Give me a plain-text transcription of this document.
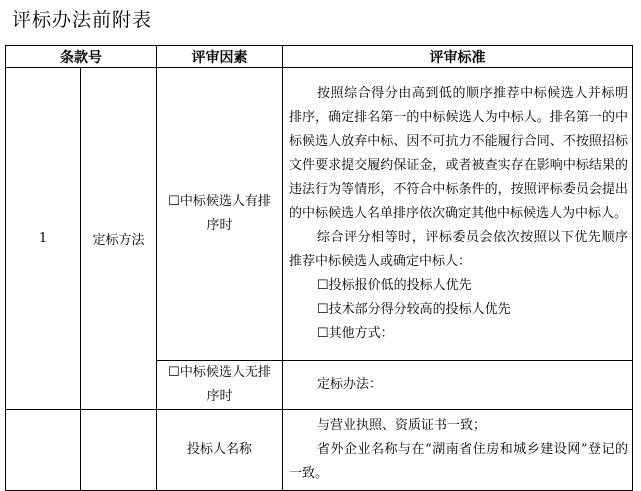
评标办法前附表
条款号		评审因素	评审标准
1	定标方法	☐中标候选人有排序时	按照综合得分由高到低的顺序推荐中标候选人并标明排序，确定排名第一的中标候选人为中标人。排名第一的中标候选人放弃中标、因不可抗力不能履行合同、不按照招标文件要求提交履约保证金，或者被查实存在影响中标结果的违法行为等情形，不符合中标条件的，按照评标委员会提出的中标候选人名单排序依次确定其他中标候选人为中标人。

综合评分相等时，评标委员会依次按照以下优先顺序推荐中标候选人或确定中标人：

☐投标报价低的投标人优先

☐技术部分得分较高的投标人优先

☐其他方式：

		☐中标候选人无排序时	定标办法：

		投标人名称	与营业执照、资质证书一致；

省外企业名称与在“湖南省住房和城乡建设网”登记的一致。
